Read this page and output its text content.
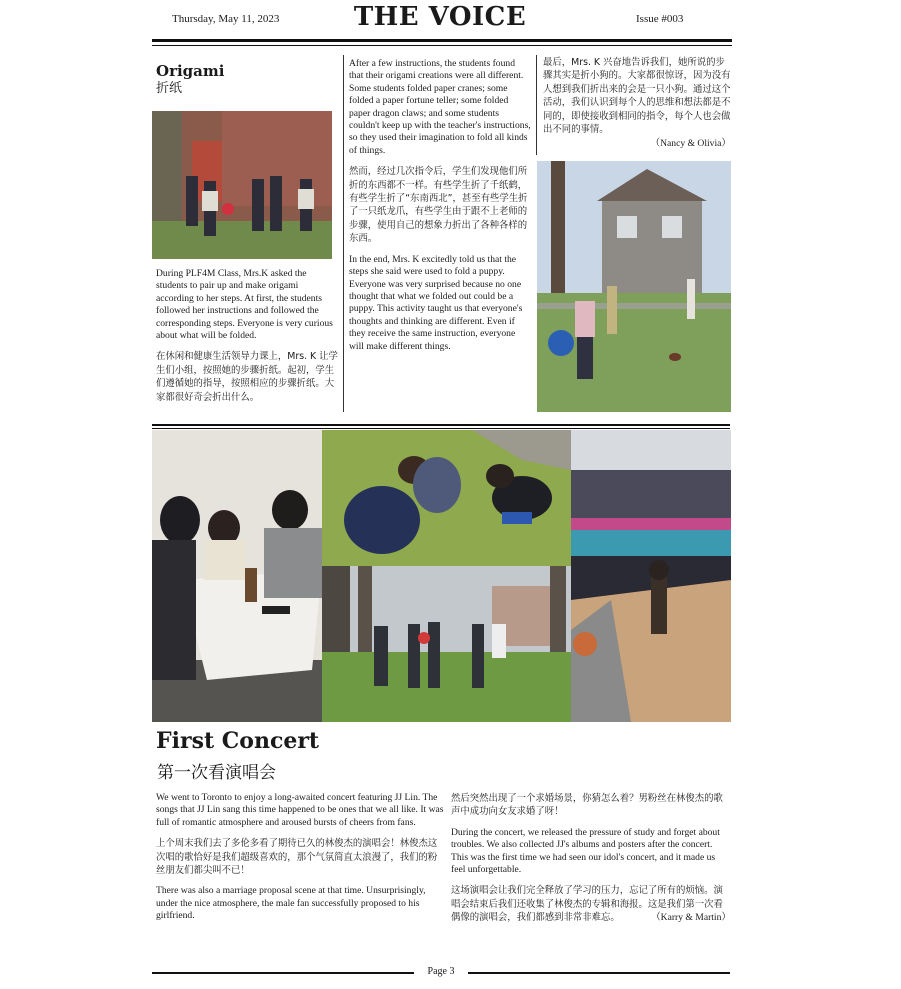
Thursday, May 11, 2023	THE VOICE	Issue #003
Origami
折纸

During PLF4M Class, Mrs.K asked the students to pair up and make origami according to her steps. At first, the students followed her instructions and followed the corresponding steps. Everyone is very curious about what will be folded.

在休闲和健康生活领导力课上，Mrs. K 让学生们小组，按照她的步骤折纸。起初，学生们遵循她的指导，按照相应的步骤折纸。大家都很好奇会折出什么。

After a few instructions, the students found that their origami creations were all different. Some students folded paper cranes; some folded a paper fortune teller; some folded paper dragon claws; and some students couldn't keep up with the teacher's instructions, so they used their imagination to fold all kinds of things.

然而，经过几次指令后，学生们发现他们所折的东西都不一样。有些学生折了千纸鹤，有些学生折了“东南西北”，甚至有些学生折了一只纸龙爪，有些学生由于跟不上老师的步骤，使用自己的想象力折出了各种各样的东西。

In the end, Mrs. K excitedly told us that the steps she said were used to fold a puppy. Everyone was very surprised because no one thought that what we folded out could be a puppy. This activity taught us that everyone's thoughts and thinking are different. Even if they receive the same instruction, everyone will make different things.

最后，Mrs. K 兴奋地告诉我们，她所说的步骤其实是折小狗的。大家都很惊讶，因为没有人想到我们折出来的会是一只小狗。通过这个活动，我们认识到每个人的思维和想法都是不同的，即使接收到相同的指令，每个人也会做出不同的事情。

（Nancy & Olivia）

First Concert
第一次看演唱会

We went to Toronto to enjoy a long-awaited concert featuring JJ Lin. The songs that JJ Lin sang this time happened to be ones that we all like. It was full of romantic atmosphere and aroused bursts of cheers from fans.

上个周末我们去了多伦多看了期待已久的林俊杰的演唱会！林俊杰这次唱的歌恰好是我们超级喜欢的，那个气氛简直太浪漫了，我们的粉丝朋友们都尖叫不已！

There was also a marriage proposal scene at that time. Unsurprisingly, under the nice atmosphere, the male fan successfully proposed to his girlfriend.

然后突然出现了一个求婚场景，你猜怎么着？男粉丝在林俊杰的歌声中成功向女友求婚了呀！

During the concert, we released the pressure of study and forget about troubles. We also collected JJ's albums and posters after the concert. This was the first time we had seen our idol's concert, and it made us feel unforgettable.

这场演唱会让我们完全释放了学习的压力，忘记了所有的烦恼。演唱会结束后我们还收集了林俊杰的专辑和海报。这是我们第一次看偶像的演唱会，我们都感到非常非难忘。	（Karry & Martin）

Page 3
